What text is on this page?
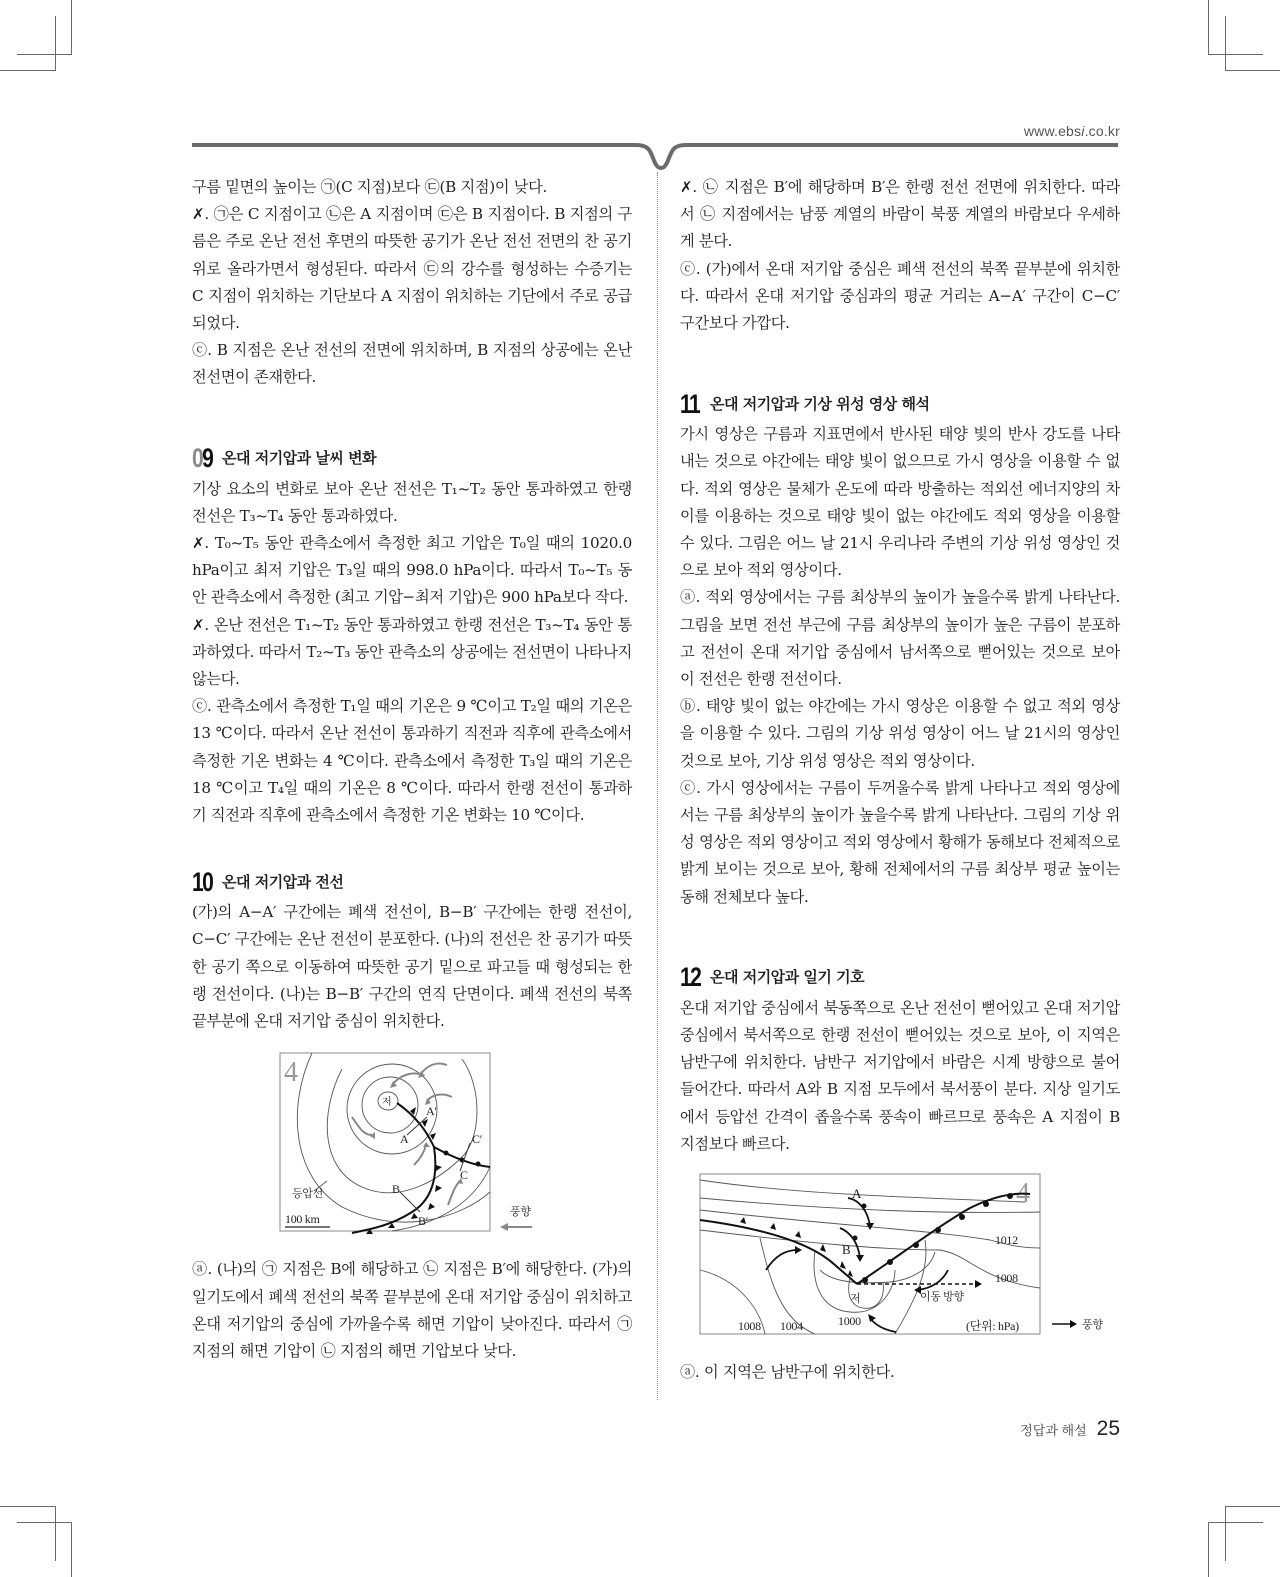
www.ebsi.co.kr

구름 밑면의 높이는 ㉠(C 지점)보다 ㉢(B 지점)이 낮다.

✗. ㉠은 C 지점이고 ㉡은 A 지점이며 ㉢은 B 지점이다. B 지점의 구름은 주로 온난 전선 후면의 따뜻한 공기가 온난 전선 전면의 찬 공기 위로 올라가면서 형성된다. 따라서 ㉢의 강수를 형성하는 수증기는 C 지점이 위치하는 기단보다 A 지점이 위치하는 기단에서 주로 공급되었다.

ⓒ. B 지점은 온난 전선의 전면에 위치하며, B 지점의 상공에는 온난 전선면이 존재한다.

09 온대 저기압과 날씨 변화

기상 요소의 변화로 보아 온난 전선은 T₁~T₂ 동안 통과하였고 한랭 전선은 T₃~T₄ 동안 통과하였다.

✗. T₀~T₅ 동안 관측소에서 측정한 최고 기압은 T₀일 때의 1020.0 hPa이고 최저 기압은 T₃일 때의 998.0 hPa이다. 따라서 T₀~T₅ 동안 관측소에서 측정한 (최고 기압−최저 기압)은 900 hPa보다 작다.

✗. 온난 전선은 T₁~T₂ 동안 통과하였고 한랭 전선은 T₃~T₄ 동안 통과하였다. 따라서 T₂~T₃ 동안 관측소의 상공에는 전선면이 나타나지 않는다.

ⓒ. 관측소에서 측정한 T₁일 때의 기온은 9 ℃이고 T₂일 때의 기온은 13 ℃이다. 따라서 온난 전선이 통과하기 직전과 직후에 관측소에서 측정한 기온 변화는 4 ℃이다. 관측소에서 측정한 T₃일 때의 기온은 18 ℃이고 T₄일 때의 기온은 8 ℃이다. 따라서 한랭 전선이 통과하기 직전과 직후에 관측소에서 측정한 기온 변화는 10 ℃이다.

10 온대 저기압과 전선

(가)의 A−A′ 구간에는 폐색 전선이, B−B′ 구간에는 한랭 전선이, C−C′ 구간에는 온난 전선이 분포한다. (나)의 전선은 찬 공기가 따뜻한 공기 쪽으로 이동하여 따뜻한 공기 밑으로 파고들 때 형성되는 한랭 전선이다. (나)는 B−B′ 구간의 연직 단면이다. 폐색 전선의 북쪽 끝부분에 온대 저기압 중심이 위치한다.

4
저
A
A′
B
B′
C
C′
등압선
100 km	풍향

ⓐ. (나)의 ㉠ 지점은 B에 해당하고 ㉡ 지점은 B′에 해당한다. (가)의 일기도에서 폐색 전선의 북쪽 끝부분에 온대 저기압 중심이 위치하고 온대 저기압의 중심에 가까울수록 해면 기압이 낮아진다. 따라서 ㉠ 지점의 해면 기압이 ㉡ 지점의 해면 기압보다 낮다.

✗. ㉡ 지점은 B′에 해당하며 B′은 한랭 전선 전면에 위치한다. 따라서 ㉡ 지점에서는 남풍 계열의 바람이 북풍 계열의 바람보다 우세하게 분다.

ⓒ. (가)에서 온대 저기압 중심은 폐색 전선의 북쪽 끝부분에 위치한다. 따라서 온대 저기압 중심과의 평균 거리는 A−A′ 구간이 C−C′ 구간보다 가깝다.

11 온대 저기압과 기상 위성 영상 해석

가시 영상은 구름과 지표면에서 반사된 태양 빛의 반사 강도를 나타내는 것으로 야간에는 태양 빛이 없으므로 가시 영상을 이용할 수 없다. 적외 영상은 물체가 온도에 따라 방출하는 적외선 에너지양의 차이를 이용하는 것으로 태양 빛이 없는 야간에도 적외 영상을 이용할 수 있다. 그림은 어느 날 21시 우리나라 주변의 기상 위성 영상인 것으로 보아 적외 영상이다.

ⓐ. 적외 영상에서는 구름 최상부의 높이가 높을수록 밝게 나타난다. 그림을 보면 전선 부근에 구름 최상부의 높이가 높은 구름이 분포하고 전선이 온대 저기압 중심에서 남서쪽으로 뻗어있는 것으로 보아 이 전선은 한랭 전선이다.

ⓑ. 태양 빛이 없는 야간에는 가시 영상은 이용할 수 없고 적외 영상을 이용할 수 있다. 그림의 기상 위성 영상이 어느 날 21시의 영상인 것으로 보아, 기상 위성 영상은 적외 영상이다.

ⓒ. 가시 영상에서는 구름이 두꺼울수록 밝게 나타나고 적외 영상에서는 구름 최상부의 높이가 높을수록 밝게 나타난다. 그림의 기상 위성 영상은 적외 영상이고 적외 영상에서 황해가 동해보다 전체적으로 밝게 보이는 것으로 보아, 황해 전체에서의 구름 최상부 평균 높이는 동해 전체보다 높다.

12 온대 저기압과 일기 기호

온대 저기압 중심에서 북동쪽으로 온난 전선이 뻗어있고 온대 저기압 중심에서 북서쪽으로 한랭 전선이 뻗어있는 것으로 보아, 이 지역은 남반구에 위치한다. 남반구 저기압에서 바람은 시계 방향으로 불어 들어간다. 따라서 A와 B 지점 모두에서 북서풍이 분다. 지상 일기도에서 등압선 간격이 좁을수록 풍속이 빠르므로 풍속은 A 지점이 B 지점보다 빠르다.

4
A
B
저	이동 방향
1012
1008
1008 1004	1000	(단위: hPa)	풍향

ⓐ. 이 지역은 남반구에 위치한다.

정답과 해설 25
